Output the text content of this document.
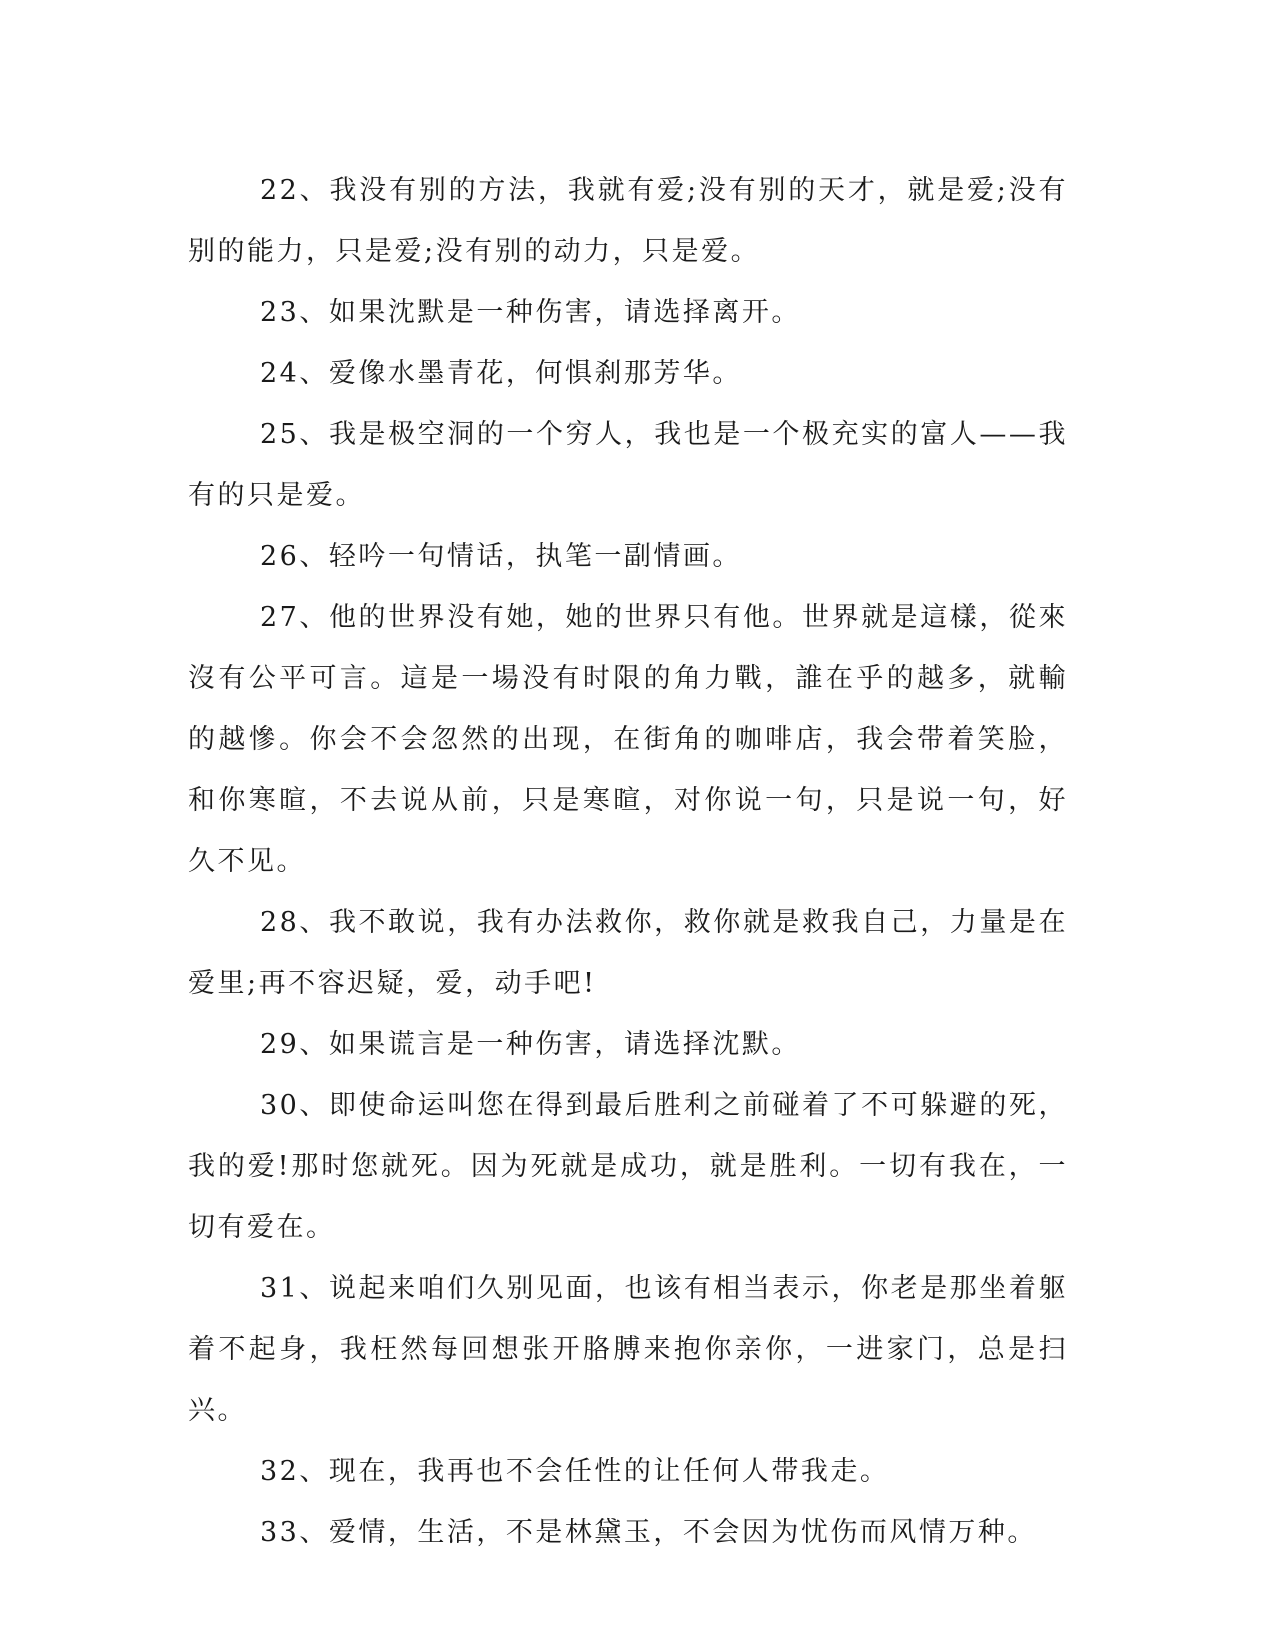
22、我没有别的方法，我就有爱;没有别的天才，就是爱;没有别的能力，只是爱;没有别的动力，只是爱。

23、如果沈默是一种伤害，请选择离开。

24、爱像水墨青花，何惧刹那芳华。

25、我是极空洞的一个穷人，我也是一个极充实的富人——我有的只是爱。

26、轻吟一句情话，执笔一副情画。

27、他的世界没有她，她的世界只有他。世界就是這樣，從來沒有公平可言。這是一場没有时限的角力戰，誰在乎的越多，就輸的越慘。你会不会忽然的出现，在街角的咖啡店，我会带着笑脸，和你寒暄，不去说从前，只是寒暄，对你说一句，只是说一句，好久不见。

28、我不敢说，我有办法救你，救你就是救我自己，力量是在爱里;再不容迟疑，爱，动手吧!

29、如果谎言是一种伤害，请选择沈默。

30、即使命运叫您在得到最后胜利之前碰着了不可躲避的死，我的爱!那时您就死。因为死就是成功，就是胜利。一切有我在，一切有爱在。

31、说起来咱们久别见面，也该有相当表示，你老是那坐着躯着不起身，我枉然每回想张开胳膊来抱你亲你，一进家门，总是扫兴。

32、现在，我再也不会任性的让任何人带我走。

33、爱情，生活，不是林黛玉，不会因为忧伤而风情万种。
